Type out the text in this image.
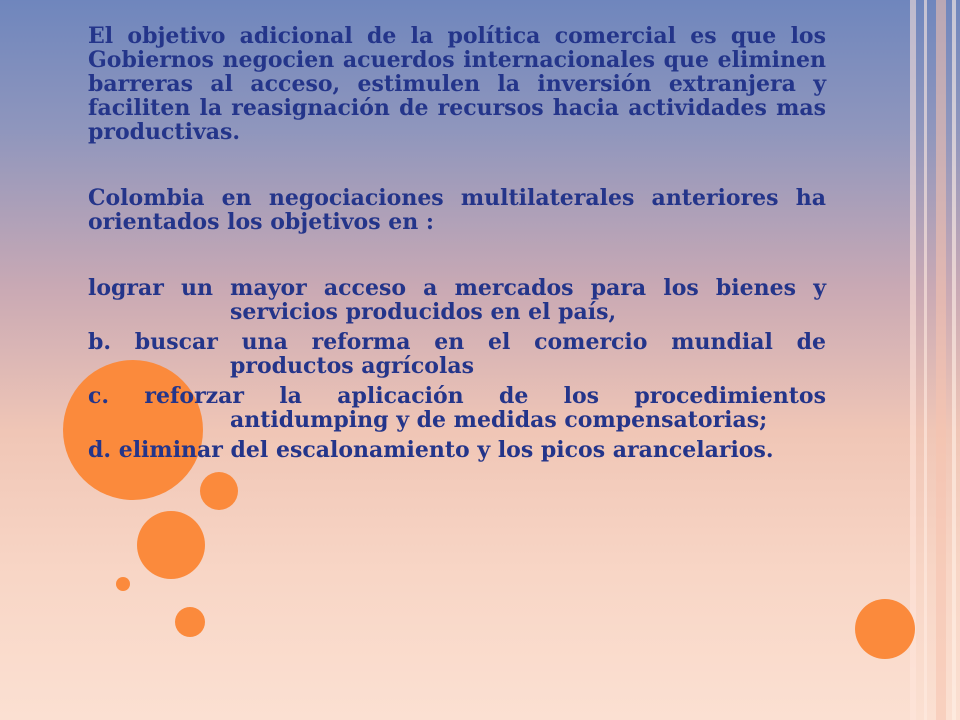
El objetivo adicional de la política comercial es que los Gobiernos negocien acuerdos internacionales que eliminen barreras al acceso, estimulen la inversión extranjera y faciliten la reasignación de recursos hacia actividades mas productivas.

Colombia en negociaciones multilaterales anteriores ha orientados los objetivos en :

lograr un mayor acceso a mercados para los bienes y servicios producidos en el país,

b. buscar una reforma en el comercio mundial de productos agrícolas

c. reforzar la aplicación de los procedimientos antidumping y de medidas compensatorias;

d. eliminar del escalonamiento y los picos arancelarios.
